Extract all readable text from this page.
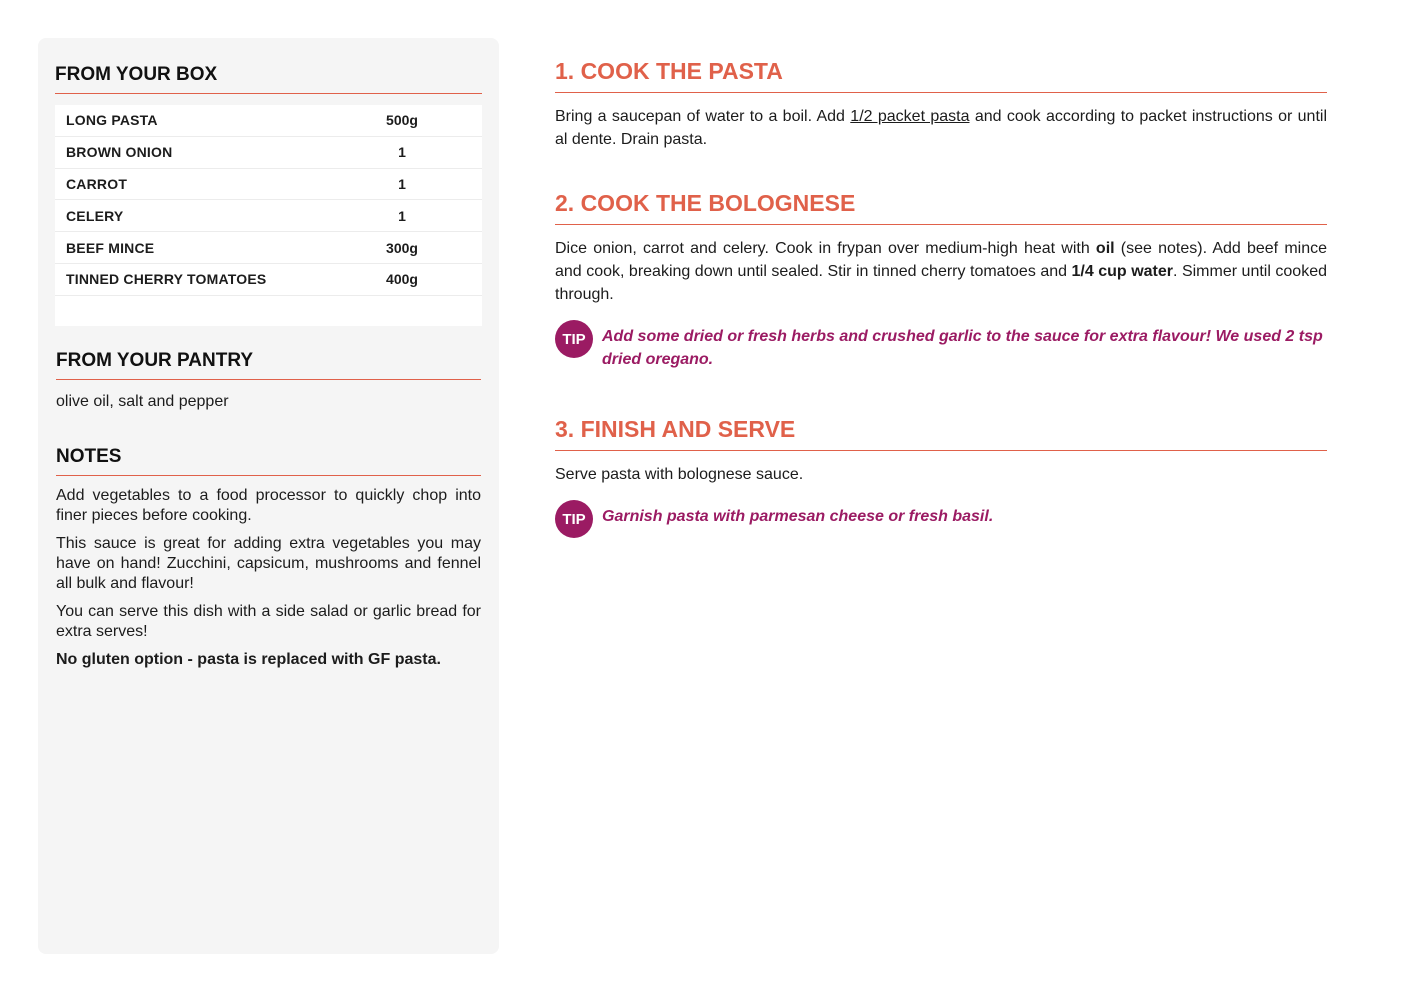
FROM YOUR BOX
LONG PASTA	500g
BROWN ONION	1
CARROT	1
CELERY	1
BEEF MINCE	300g
TINNED CHERRY TOMATOES	400g
FROM YOUR PANTRY
olive oil, salt and pepper
NOTES

Add vegetables to a food processor to quickly chop into finer pieces before cooking.

This sauce is great for adding extra vegetables you may have on hand! Zucchini, capsicum, mushrooms and fennel all bulk and flavour!

You can serve this dish with a side salad or garlic bread for extra serves!

No gluten option - pasta is replaced with GF pasta.

1. COOK THE PASTA
Bring a saucepan of water to a boil. Add 1/2 packet pasta and cook according to packet instructions or until al dente. Drain pasta.
2. COOK THE BOLOGNESE
Dice onion, carrot and celery. Cook in frypan over medium-high heat with oil (see notes). Add beef mince and cook, breaking down until sealed. Stir in tinned cherry tomatoes and 1/4 cup water. Simmer until cooked through.
TIP	Add some dried or fresh herbs and crushed garlic to the sauce for extra flavour! We used 2 tsp dried oregano.
3. FINISH AND SERVE
Serve pasta with bolognese sauce.
TIP	Garnish pasta with parmesan cheese or fresh basil.
